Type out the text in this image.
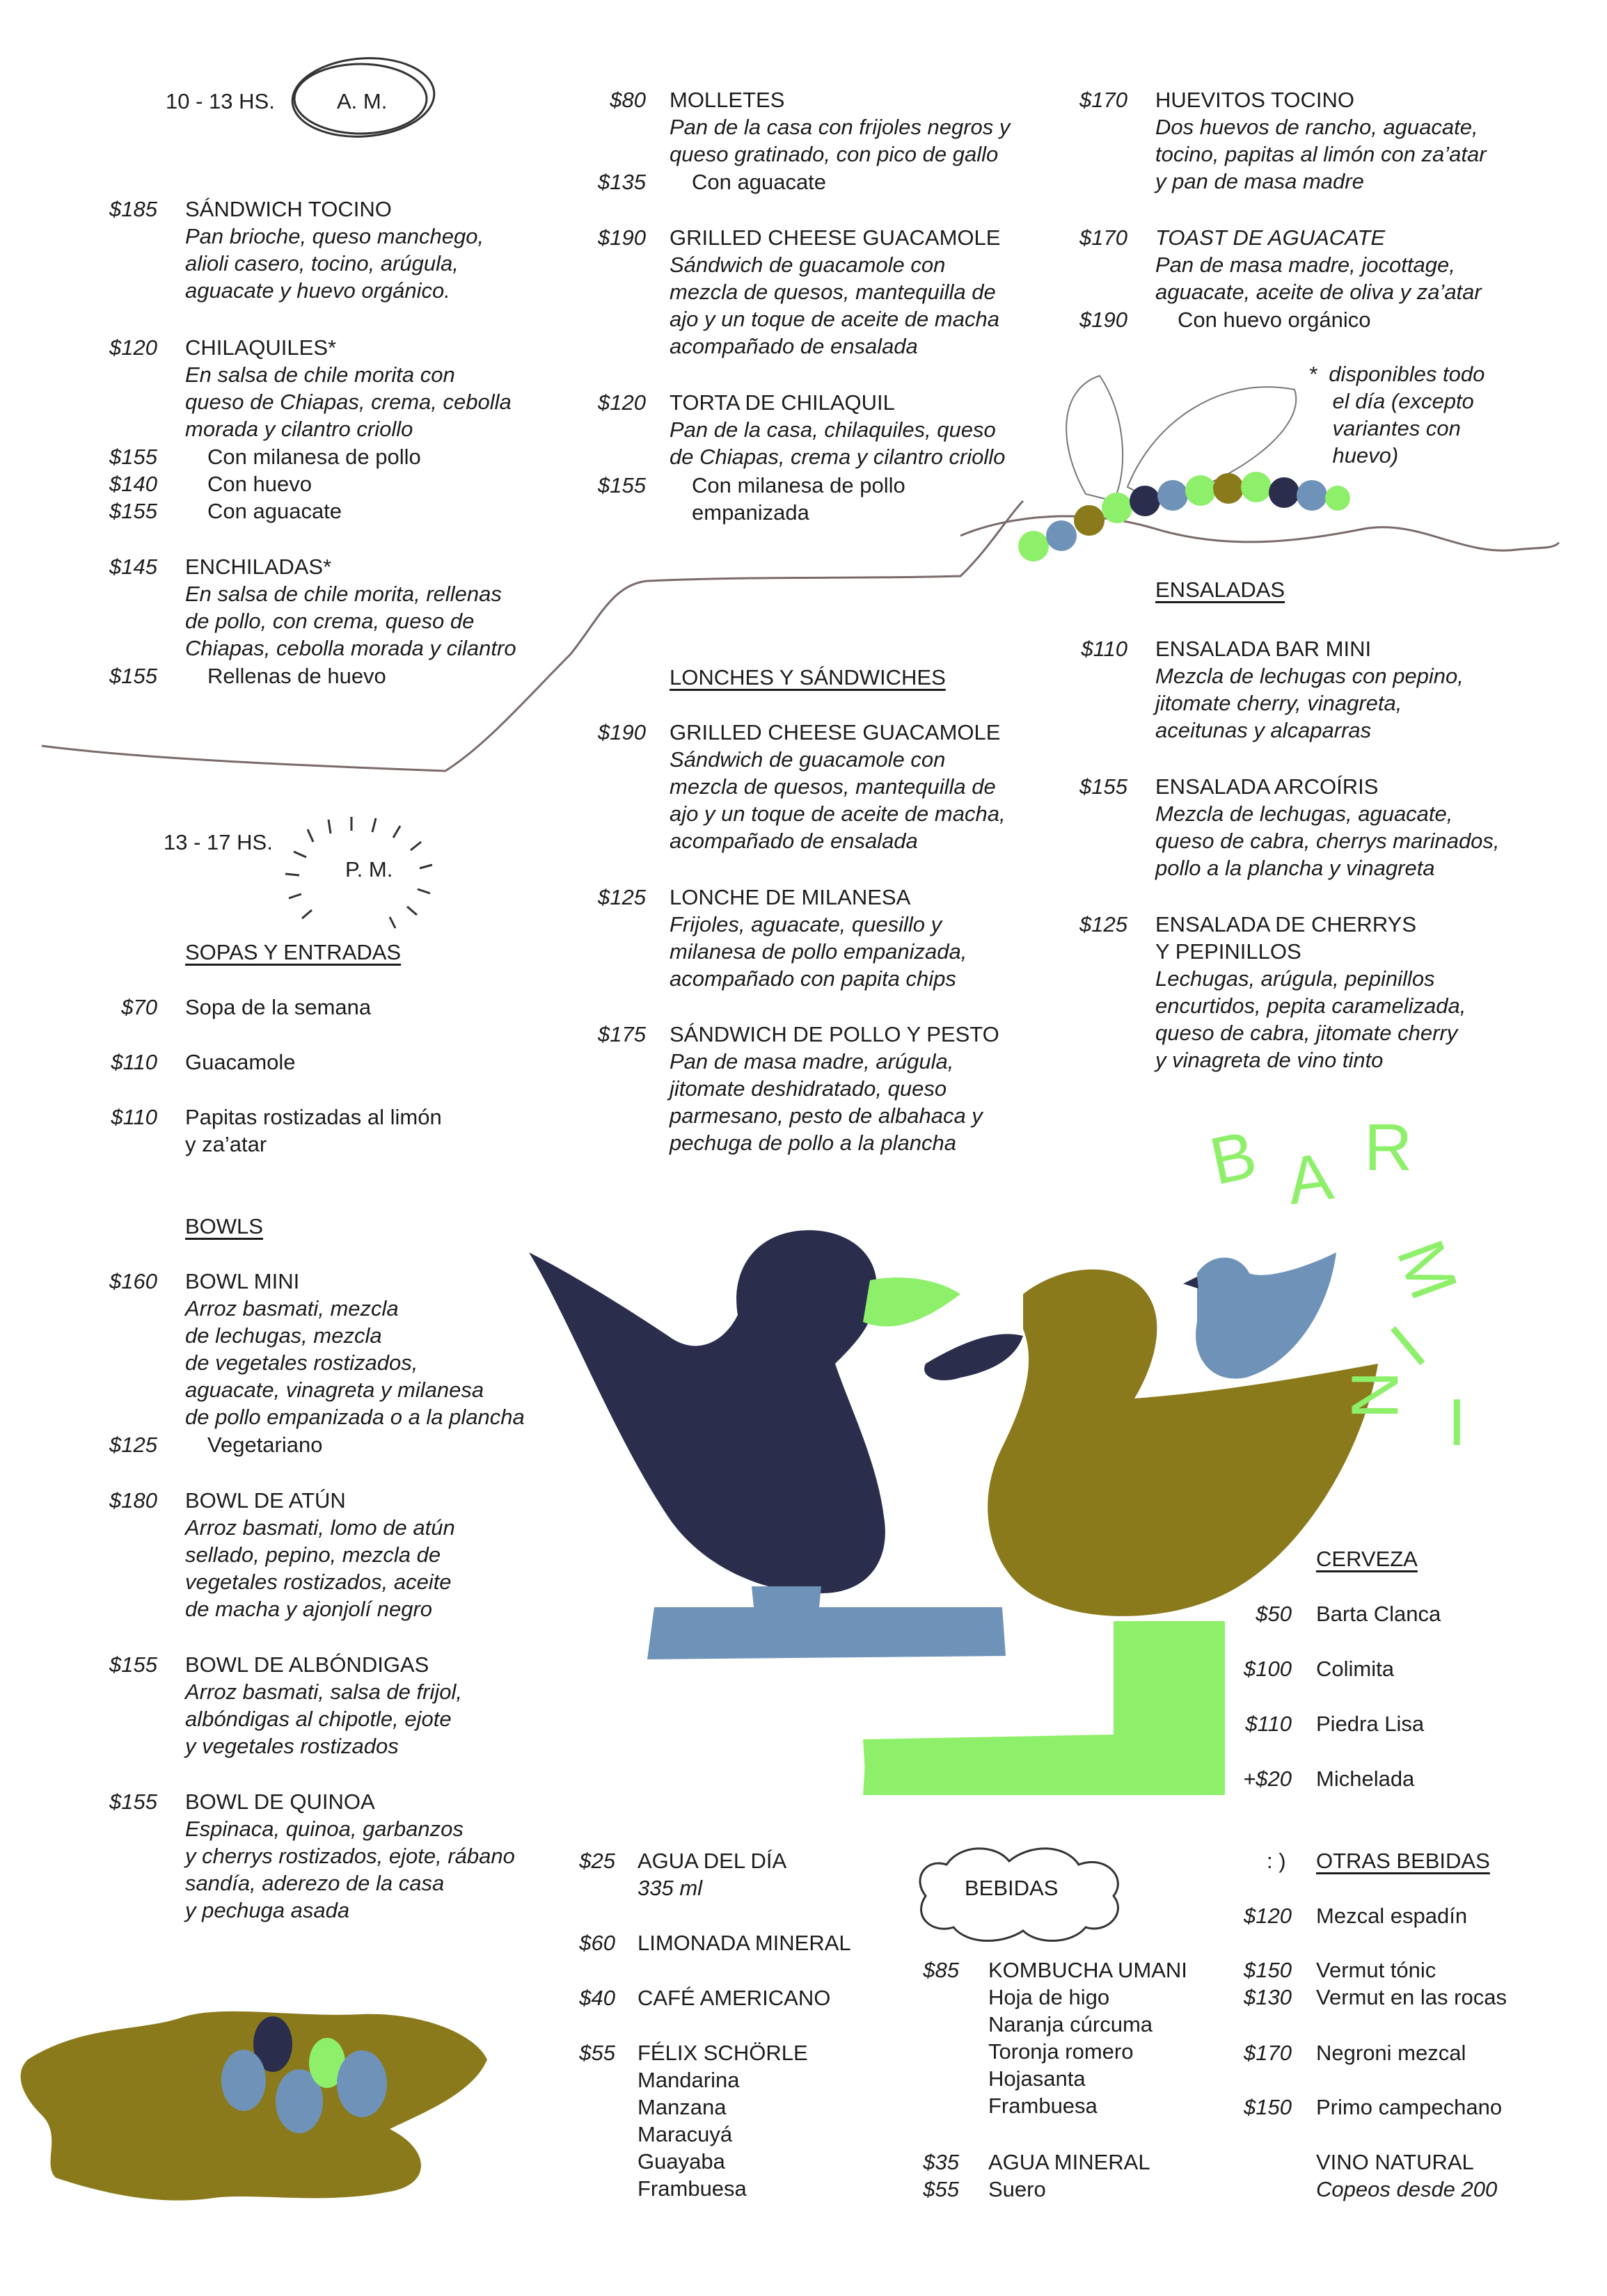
B A R
M
I
N I
10 - 13 HS.	A. M.
$185 SÁNDWICH TOCINO
Pan brioche, queso manchego,
alioli casero, tocino, arúgula,
aguacate y huevo orgánico.
$120 CHILAQUILES*
En salsa de chile morita con
queso de Chiapas, crema, cebolla
morada y cilantro criollo
$155 Con milanesa de pollo
$140 Con huevo
$155 Con aguacate
$145 ENCHILADAS*
En salsa de chile morita, rellenas
de pollo, con crema, queso de
Chiapas, cebolla morada y cilantro
$155 Rellenas de huevo
$80 MOLLETES
Pan de la casa con frijoles negros y
queso gratinado, con pico de gallo
$135 Con aguacate
$190 GRILLED CHEESE GUACAMOLE
Sándwich de guacamole con
mezcla de quesos, mantequilla de
ajo y un toque de aceite de macha
acompañado de ensalada
$120 TORTA DE CHILAQUIL
Pan de la casa, chilaquiles, queso
de Chiapas, crema y cilantro criollo
$155 Con milanesa de pollo
empanizada
$170 HUEVITOS TOCINO
Dos huevos de rancho, aguacate,
tocino, papitas al limón con za’atar
y pan de masa madre
$170 TOAST DE AGUACATE
Pan de masa madre, jocottage,
aguacate, aceite de oliva y za’atar
$190 Con huevo orgánico
*  disponibles todo
el día (excepto
variantes con
huevo)
13 - 17 HS.
P. M.
SOPAS Y ENTRADAS
$70 Sopa de la semana
$110 Guacamole
$110 Papitas rostizadas al limón
y za’atar
BOWLS
$160 BOWL MINI
Arroz basmati, mezcla
de lechugas, mezcla
de vegetales rostizados,
aguacate, vinagreta y milanesa
de pollo empanizada o a la plancha
$125 Vegetariano
$180 BOWL DE ATÚN
Arroz basmati, lomo de atún
sellado, pepino, mezcla de
vegetales rostizados, aceite
de macha y ajonjolí negro
$155 BOWL DE ALBÓNDIGAS
Arroz basmati, salsa de frijol,
albóndigas al chipotle, ejote
y vegetales rostizados
$155 BOWL DE QUINOA
Espinaca, quinoa, garbanzos
y cherrys rostizados, ejote, rábano
sandía, aderezo de la casa
y pechuga asada
LONCHES Y SÁNDWICHES
$190 GRILLED CHEESE GUACAMOLE
Sándwich de guacamole con
mezcla de quesos, mantequilla de
ajo y un toque de aceite de macha,
acompañado de ensalada
$125 LONCHE DE MILANESA
Frijoles, aguacate, quesillo y
milanesa de pollo empanizada,
acompañado con papita chips
$175 SÁNDWICH DE POLLO Y PESTO
Pan de masa madre, arúgula,
jitomate deshidratado, queso
parmesano, pesto de albahaca y
pechuga de pollo a la plancha
ENSALADAS
$110 ENSALADA BAR MINI
Mezcla de lechugas con pepino,
jitomate cherry, vinagreta,
aceitunas y alcaparras
$155 ENSALADA ARCOÍRIS
Mezcla de lechugas, aguacate,
queso de cabra, cherrys marinados,
pollo a la plancha y vinagreta
$125 ENSALADA DE CHERRYS
Y PEPINILLOS
Lechugas, arúgula, pepinillos
encurtidos, pepita caramelizada,
queso de cabra, jitomate cherry
y vinagreta de vino tinto
CERVEZA
$50 Barta Clanca
$100 Colimita
$110 Piedra Lisa
+$20 Michelada
$25 AGUA DEL DÍA
335 ml
$60 LIMONADA MINERAL
$40 CAFÉ AMERICANO
$55 FÉLIX SCHÖRLE
Mandarina
Manzana
Maracuyá
Guayaba
Frambuesa
BEBIDAS
$85 KOMBUCHA UMANI
Hoja de higo
Naranja cúrcuma
Toronja romero
Hojasanta
Frambuesa
$35 AGUA MINERAL
$55 Suero
: ) OTRAS BEBIDAS
$120 Mezcal espadín
$150 Vermut tónic
$130 Vermut en las rocas
$170 Negroni mezcal
$150 Primo campechano
VINO NATURAL
Copeos desde 200
